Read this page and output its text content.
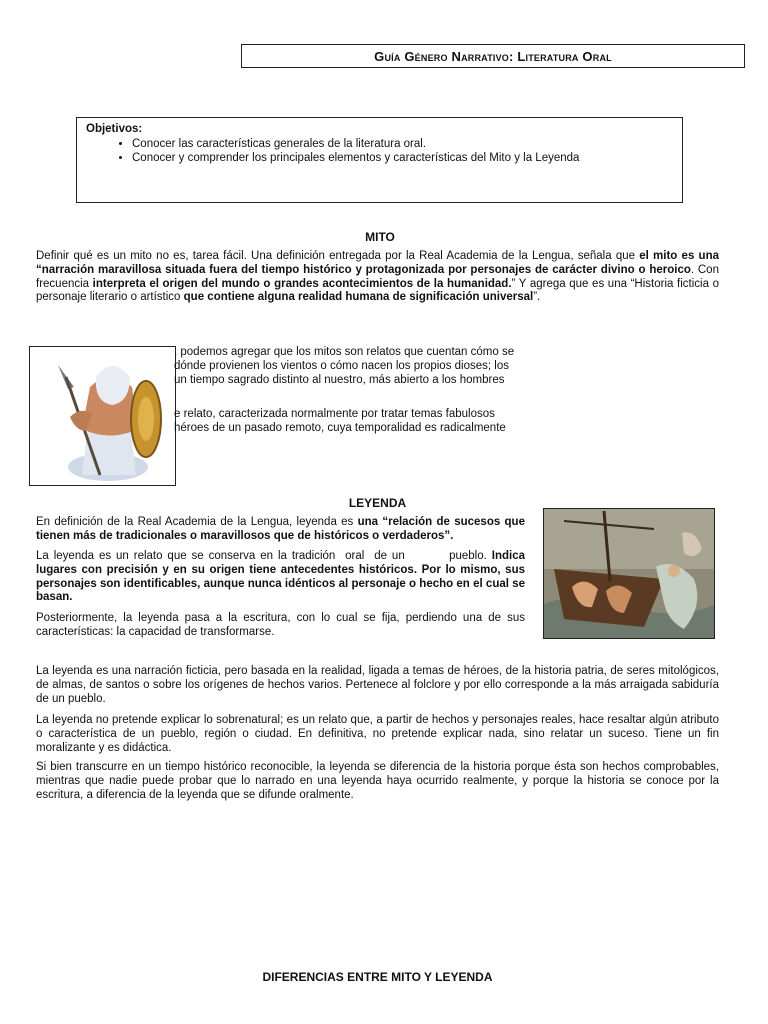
Guía Género Narrativo: Literatura Oral
Objetivos:
• Conocer las características generales de la literatura oral.
• Conocer y comprender los principales elementos y características del Mito y la Leyenda
MITO
Definir qué es un mito no es, tarea fácil. Una definición entregada por la Real Academia de la Lengua, señala que el mito es una “narración maravillosa situada fuera del tiempo histórico y protagonizada por personajes de carácter divino o heroico. Con frecuencia interpreta el origen del mundo o grandes acontecimientos de la humanidad.” Y agrega que es una “Historia ficticia o personaje literario o artístico que contiene alguna realidad humana de significación universal”.
, podemos agregar que los mitos son relatos que cuentan cómo se
dónde provienen los vientos o cómo nacen los propios dioses; los
un tiempo sagrado distinto al nuestro, más abierto a los hombres
e relato, caracterizada normalmente por tratar temas fabulosos
héroes de un pasado remoto, cuya temporalidad es radicalmente
LEYENDA
En definición de la Real Academia de la Lengua, leyenda es una “relación de sucesos que tienen más de tradicionales o maravillosos que de históricos o verdaderos”.
La leyenda es un relato que se conserva en la tradición  oral  de un         pueblo. Indica lugares con precisión y en su origen tiene antecedentes históricos. Por lo mismo, sus personajes son identificables, aunque nunca idénticos al personaje o hecho en el cual se basan.
Posteriormente, la leyenda pasa a la escritura, con lo cual se fija, perdiendo una de sus características: la capacidad de transformarse.
La leyenda es una narración ficticia, pero basada en la realidad, ligada a temas de héroes, de la historia patria, de seres mitológicos, de almas, de santos o sobre los orígenes de hechos varios. Pertenece al folclore y por ello corresponde a la más arraigada sabiduría de un pueblo.
La leyenda no pretende explicar lo sobrenatural; es un relato que, a partir de hechos y personajes reales, hace resaltar algún atributo o característica de un pueblo, región o ciudad. En definitiva, no pretende explicar nada, sino relatar un suceso. Tiene un fin moralizante y es didáctica.
Si bien transcurre en un tiempo histórico reconocible, la leyenda se diferencia de la historia porque ésta son hechos comprobables, mientras que nadie puede probar que lo narrado en una leyenda haya ocurrido realmente, y porque la historia se conoce por la escritura, a diferencia de la leyenda que se difunde oralmente.
DIFERENCIAS ENTRE MITO Y LEYENDA
